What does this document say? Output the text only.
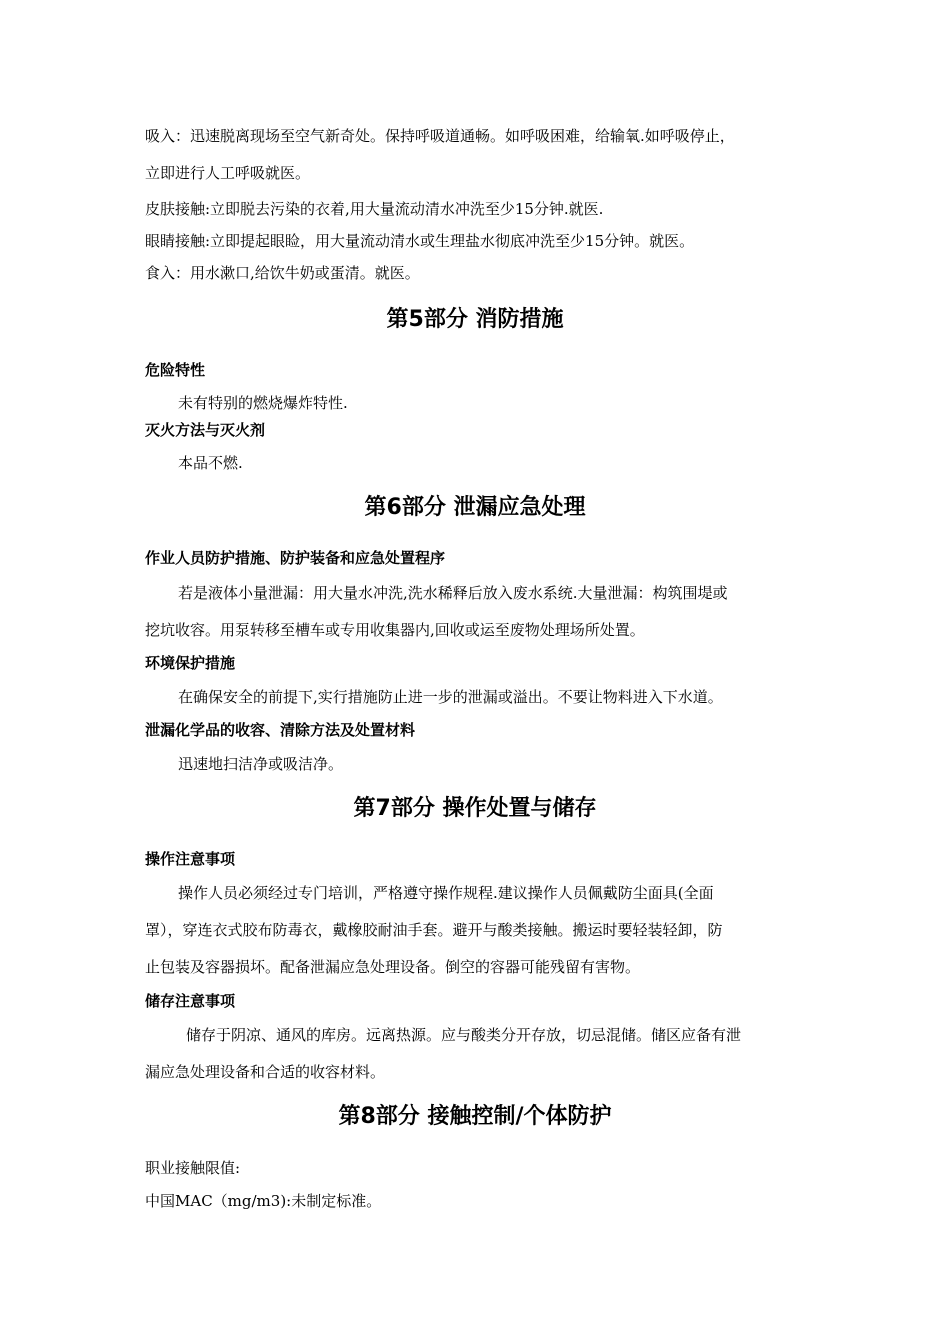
吸入：迅速脱离现场至空气新奇处。保持呼吸道通畅。如呼吸困难，给输氧.如呼吸停止，
立即进行人工呼吸就医。
皮肤接触:立即脱去污染的衣着,用大量流动清水冲洗至少15分钟.就医.
眼睛接触:立即提起眼睑，用大量流动清水或生理盐水彻底冲洗至少15分钟。就医。
食入：用水漱口,给饮牛奶或蛋清。就医。
第5部分 消防措施
危险特性
未有特别的燃烧爆炸特性.
灭火方法与灭火剂
本品不燃.
第6部分 泄漏应急处理
作业人员防护措施、防护装备和应急处置程序
若是液体小量泄漏：用大量水冲洗,洗水稀释后放入废水系统.大量泄漏：构筑围堤或
挖坑收容。用泵转移至槽车或专用收集器内,回收或运至废物处理场所处置。
环境保护措施
在确保安全的前提下,实行措施防止进一步的泄漏或溢出。不要让物料进入下水道。
泄漏化学品的收容、清除方法及处置材料
迅速地扫洁净或吸洁净。
第7部分 操作处置与储存
操作注意事项
操作人员必须经过专门培训，严格遵守操作规程.建议操作人员佩戴防尘面具(全面
罩），穿连衣式胶布防毒衣，戴橡胶耐油手套。避开与酸类接触。搬运时要轻装轻卸，防
止包装及容器损坏。配备泄漏应急处理设备。倒空的容器可能残留有害物。
储存注意事项
储存于阴凉、通风的库房。远离热源。应与酸类分开存放，切忌混储。储区应备有泄
漏应急处理设备和合适的收容材料。
第8部分 接触控制/个体防护
职业接触限值:
中国MAC（mg/m3):未制定标准。
